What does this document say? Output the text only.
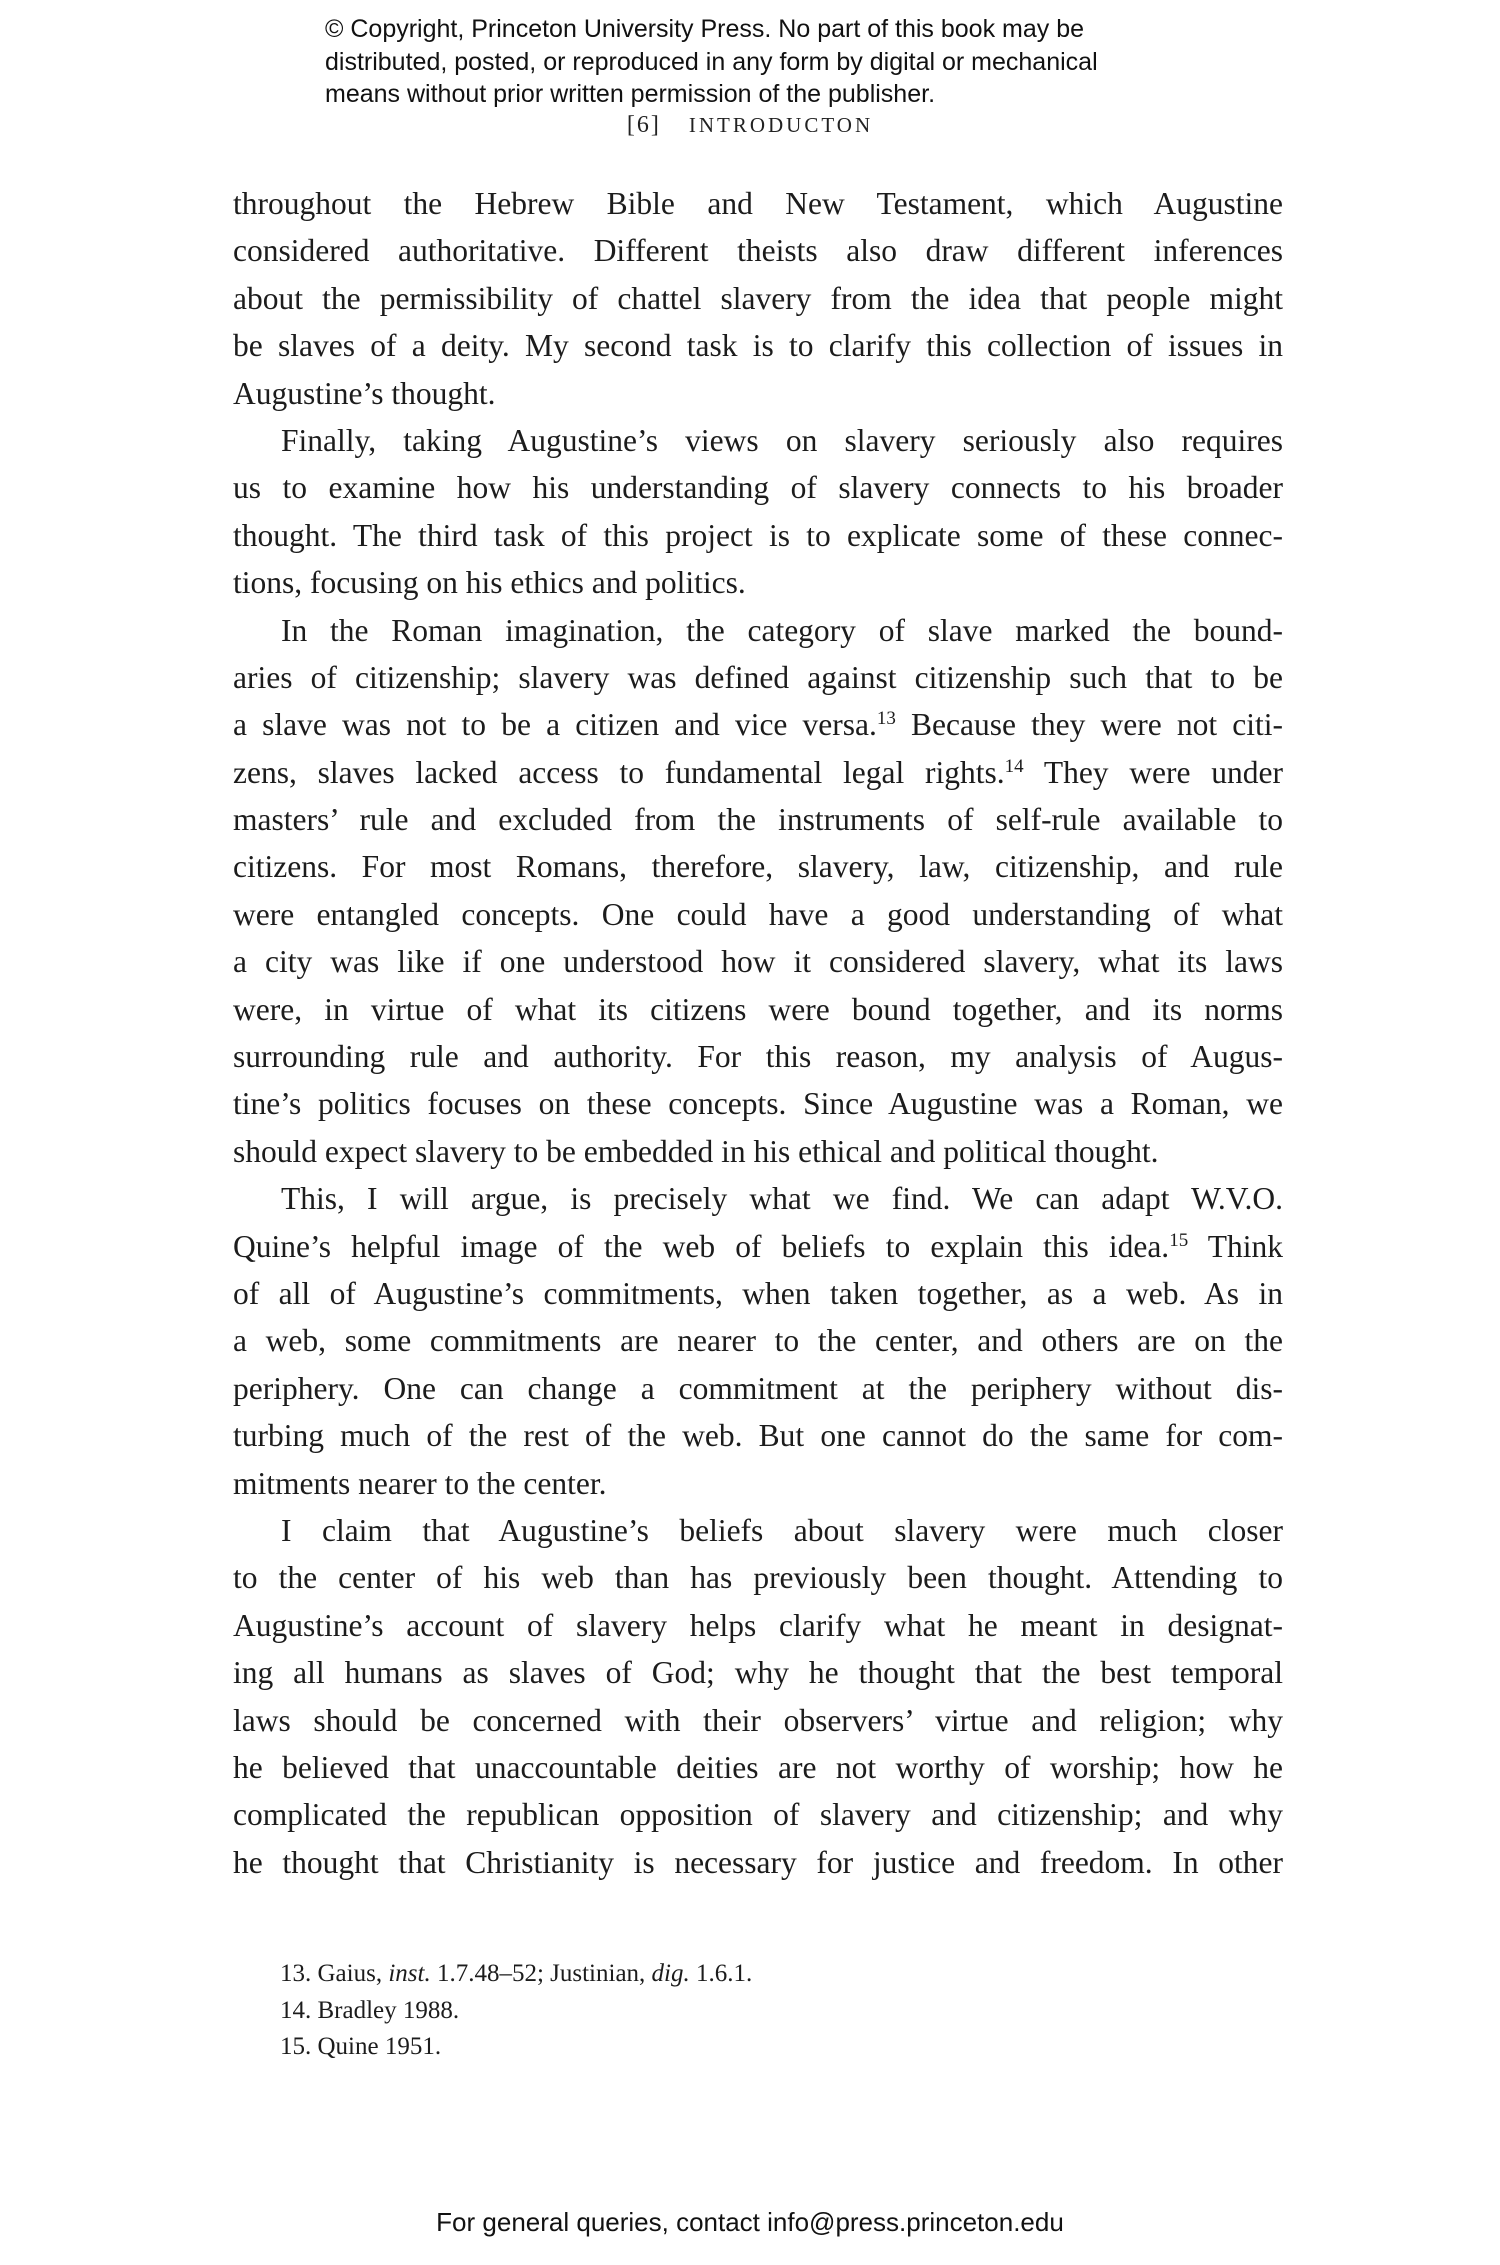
© Copyright, Princeton University Press. No part of this book may be
distributed, posted, or reproduced in any form by digital or mechanical
means without prior written permission of the publisher.
[6] INTRODUCTON
throughout the Hebrew Bible and New Testament, which Augustine
considered authoritative. Different theists also draw different inferences
about the permissibility of chattel slavery from the idea that people might
be slaves of a deity. My second task is to clarify this collection of issues in
Augustine’s thought.
Finally, taking Augustine’s views on slavery seriously also requires
us to examine how his understanding of slavery connects to his broader
thought. The third task of this project is to explicate some of these connec-
tions, focusing on his ethics and politics.
In the Roman imagination, the category of slave marked the bound-
aries of citizenship; slavery was defined against citizenship such that to be
a slave was not to be a citizen and vice versa.$^{13}$ Because they were not citi-
zens, slaves lacked access to fundamental legal rights.$^{14}$ They were under
masters’ rule and excluded from the instruments of self-rule available to
citizens. For most Romans, therefore, slavery, law, citizenship, and rule
were entangled concepts. One could have a good understanding of what
a city was like if one understood how it considered slavery, what its laws
were, in virtue of what its citizens were bound together, and its norms
surrounding rule and authority. For this reason, my analysis of Augus-
tine’s politics focuses on these concepts. Since Augustine was a Roman, we
should expect slavery to be embedded in his ethical and political thought.
This, I will argue, is precisely what we find. We can adapt W.V.O.
Quine’s helpful image of the web of beliefs to explain this idea.$^{15}$ Think
of all of Augustine’s commitments, when taken together, as a web. As in
a web, some commitments are nearer to the center, and others are on the
periphery. One can change a commitment at the periphery without dis-
turbing much of the rest of the web. But one cannot do the same for com-
mitments nearer to the center.
I claim that Augustine’s beliefs about slavery were much closer
to the center of his web than has previously been thought. Attending to
Augustine’s account of slavery helps clarify what he meant in designat-
ing all humans as slaves of God; why he thought that the best temporal
laws should be concerned with their observers’ virtue and religion; why
he believed that unaccountable deities are not worthy of worship; how he
complicated the republican opposition of slavery and citizenship; and why
he thought that Christianity is necessary for justice and freedom. In other
13. Gaius, inst. 1.7.48–52; Justinian, dig. 1.6.1.
14. Bradley 1988.
15. Quine 1951.
For general queries, contact info@press.princeton.edu
